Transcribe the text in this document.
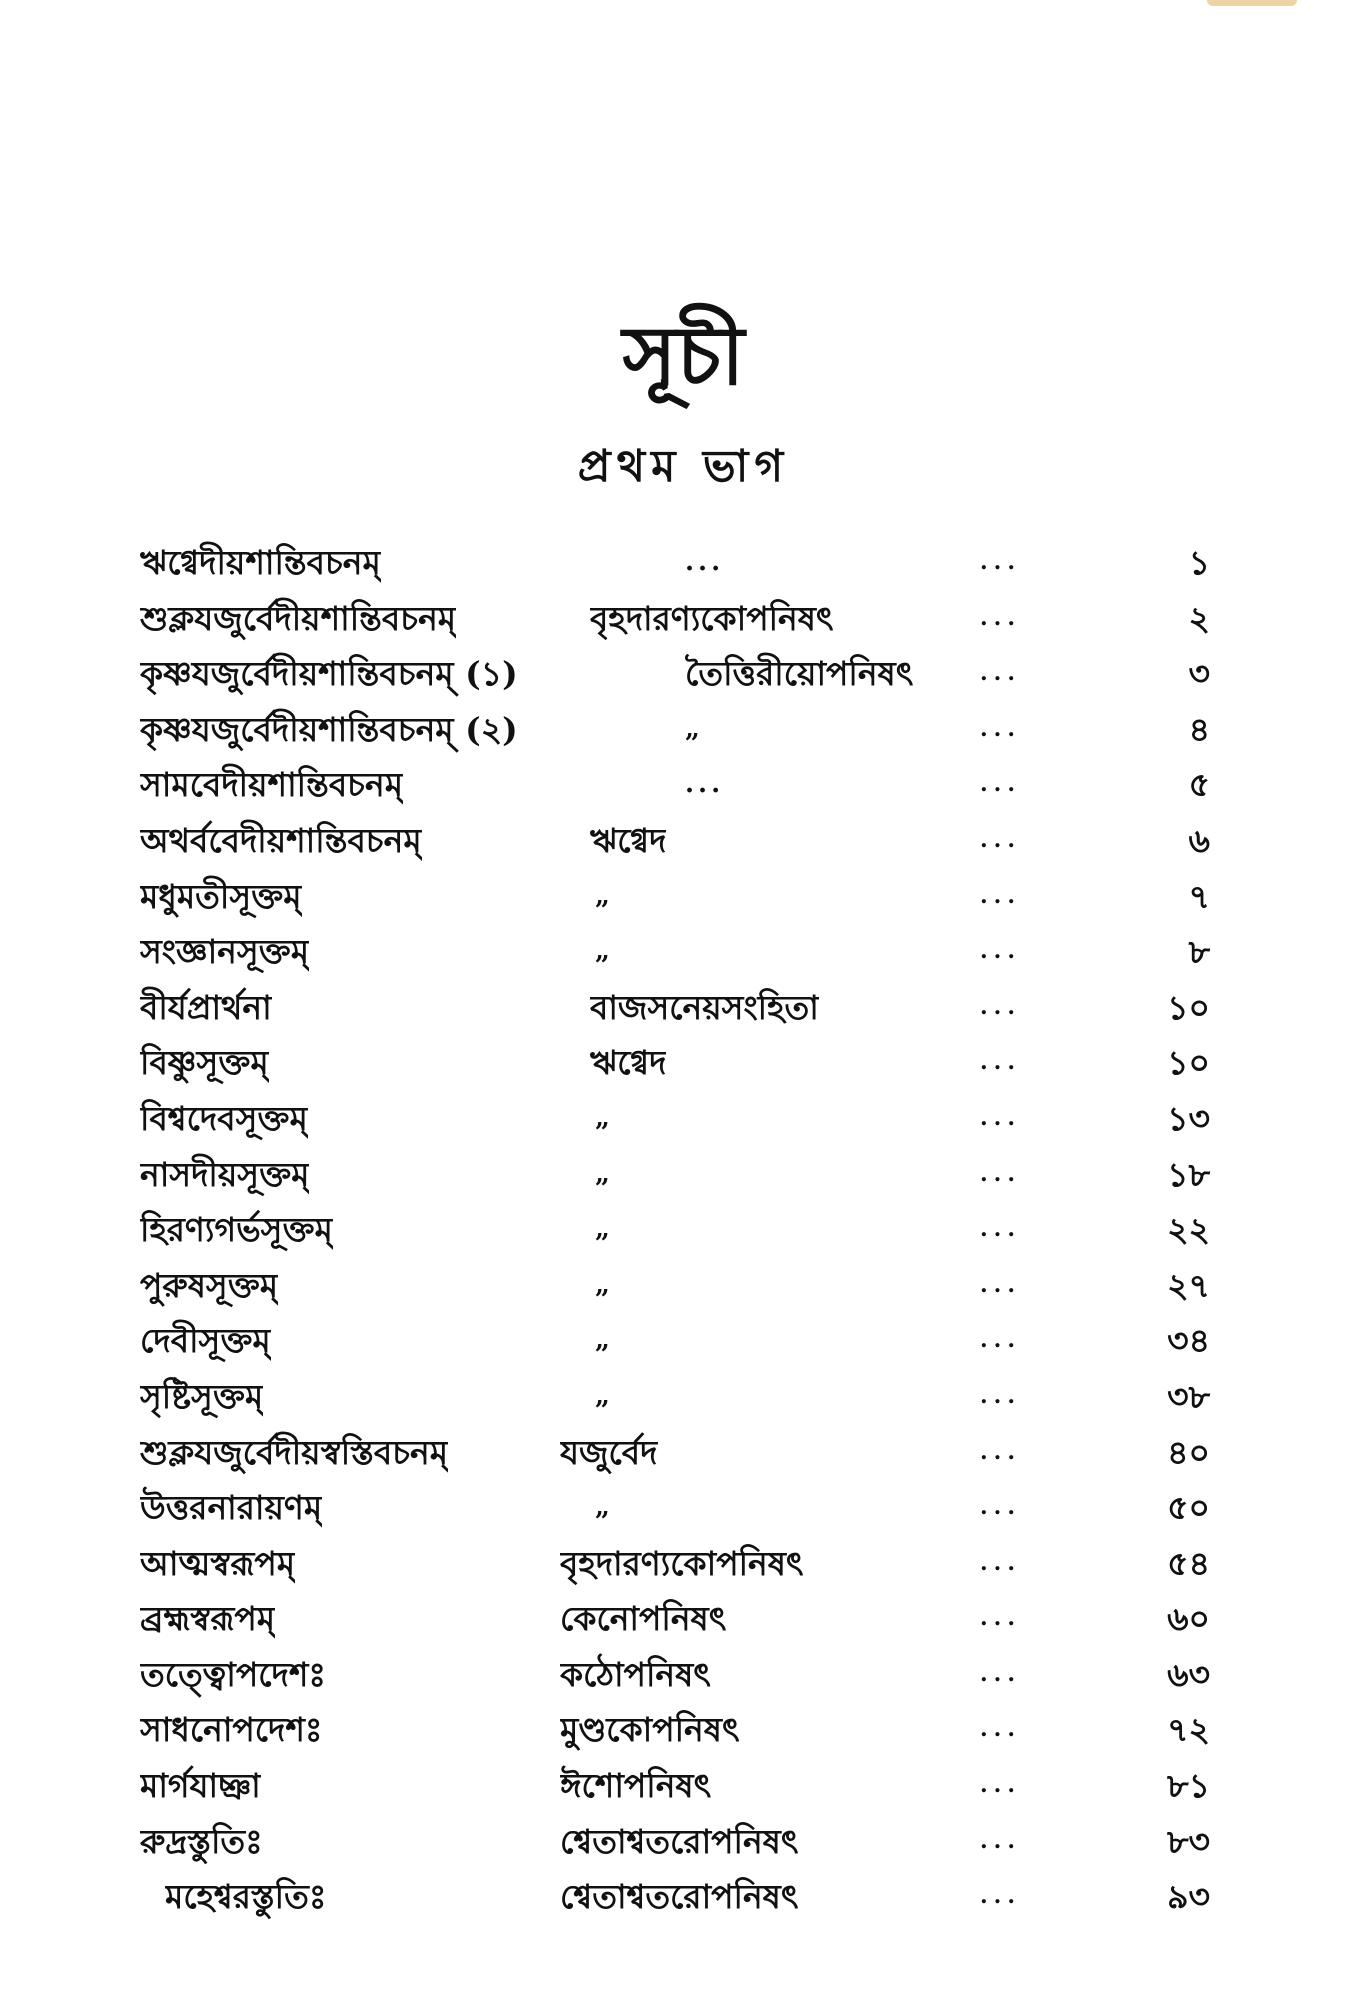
সূচী
প্রথম ভাগ
ঋগ্বেদীয়শান্তিবচনম্	...	...	১
শুক্লযজুর্বেদীয়শান্তিবচনম্	বৃহদারণ্যকোপনিষৎ	...	২
কৃষ্ণযজুর্বেদীয়শান্তিবচনম্ (১)	তৈত্তিরীয়োপনিষৎ	...	৩
কৃষ্ণযজুর্বেদীয়শান্তিবচনম্ (২)	„	...	৪
সামবেদীয়শান্তিবচনম্	...	...	৫
অথর্ববেদীয়শান্তিবচনম্	ঋগ্বেদ	...	৬
মধুমতীসূক্তম্	„	...	৭
সংজ্ঞানসূক্তম্	„	...	৮
বীর্যপ্রার্থনা	বাজসনেয়সংহিতা	...	১০
বিষ্ণুসূক্তম্	ঋগ্বেদ	...	১০
বিশ্বদেবসূক্তম্	„	...	১৩
নাসদীয়সূক্তম্	„	...	১৮
হিরণ্যগর্ভসূক্তম্	„	...	২২
পুরুষসূক্তম্	„	...	২৭
দেবীসূক্তম্	„	...	৩৪
সৃষ্টিসূক্তম্	„	...	৩৮
শুক্লযজুর্বেদীয়স্বস্তিবচনম্	যজুর্বেদ	...	৪০
উত্তরনারায়ণম্	„	...	৫০
আত্মস্বরূপম্	বৃহদারণ্যকোপনিষৎ	...	৫৪
ব্রহ্মস্বরূপম্	কেনোপনিষৎ	...	৬০
তত্ত্বোপদেশঃ	কঠোপনিষৎ	...	৬৩
সাধনোপদেশঃ	মুণ্ডকোপনিষৎ	...	৭২
মার্গযাচ্ঞা	ঈশোপনিষৎ	...	৮১
রুদ্রস্তুতিঃ	শ্বেতাশ্বতরোপনিষৎ	...	৮৩
মহেশ্বরস্তুতিঃ	শ্বেতাশ্বতরোপনিষৎ	...	৯৩
